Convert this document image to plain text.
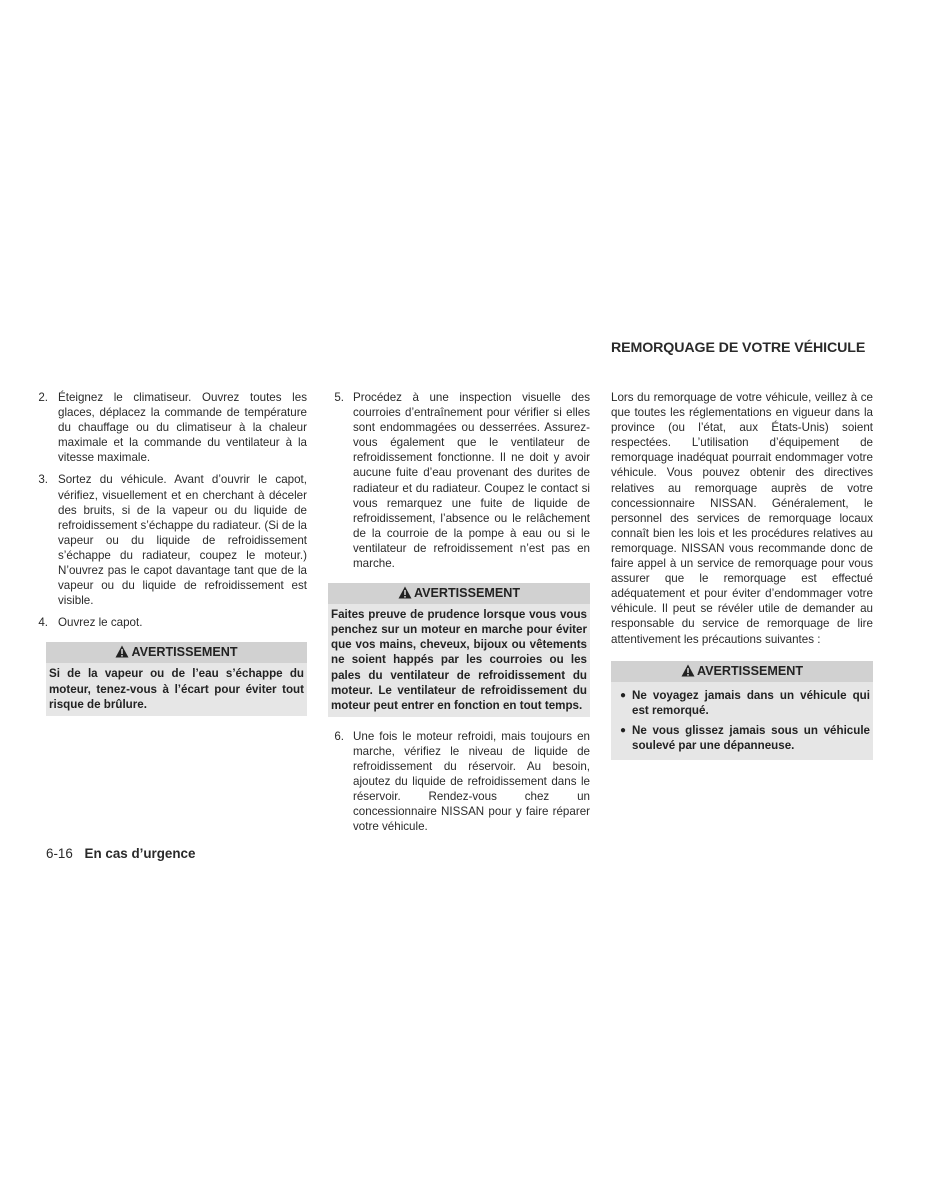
REMORQUAGE DE VOTRE VÉHICULE
2. Éteignez le climatiseur. Ouvrez toutes les glaces, déplacez la commande de température du chauffage ou du climatiseur à la chaleur maximale et la commande du ventilateur à la vitesse maximale.
3. Sortez du véhicule. Avant d’ouvrir le capot, vérifiez, visuellement et en cherchant à déceler des bruits, si de la vapeur ou du liquide de refroidissement s’échappe du radiateur. (Si de la vapeur ou du liquide de refroidissement s’échappe du radiateur, coupez le moteur.) N’ouvrez pas le capot davantage tant que de la vapeur ou du liquide de refroidissement est visible.
4. Ouvrez le capot.
AVERTISSEMENT
Si de la vapeur ou de l’eau s’échappe du moteur, tenez-vous à l’écart pour éviter tout risque de brûlure.
5. Procédez à une inspection visuelle des courroies d’entraînement pour vérifier si elles sont endommagées ou desserrées. Assurez-vous également que le ventilateur de refroidissement fonctionne. Il ne doit y avoir aucune fuite d’eau provenant des durites de radiateur et du radiateur. Coupez le contact si vous remarquez une fuite de liquide de refroidissement, l’absence ou le relâchement de la courroie de la pompe à eau ou si le ventilateur de refroidissement n’est pas en marche.
AVERTISSEMENT
Faites preuve de prudence lorsque vous vous penchez sur un moteur en marche pour éviter que vos mains, cheveux, bijoux ou vêtements ne soient happés par les courroies ou les pales du ventilateur de refroidissement du moteur. Le ventilateur de refroidissement du moteur peut entrer en fonction en tout temps.
6. Une fois le moteur refroidi, mais toujours en marche, vérifiez le niveau de liquide de refroidissement du réservoir. Au besoin, ajoutez du liquide de refroidissement dans le réservoir. Rendez-vous chez un concessionnaire NISSAN pour y faire réparer votre véhicule.

Lors du remorquage de votre véhicule, veillez à ce que toutes les réglementations en vigueur dans la province (ou l’état, aux États-Unis) soient respectées. L’utilisation d’équipement de remorquage inadéquat pourrait endommager votre véhicule. Vous pouvez obtenir des directives relatives au remorquage auprès de votre concessionnaire NISSAN. Généralement, le personnel des services de remorquage locaux connaît bien les lois et les procédures relatives au remorquage. NISSAN vous recommande donc de faire appel à un service de remorquage pour vous assurer que le remorquage est effectué adéquatement et pour éviter d’endommager votre véhicule. Il peut se révéler utile de demander au responsable du service de remorquage de lire attentivement les précautions suivantes :

AVERTISSEMENT
● Ne voyagez jamais dans un véhicule qui est remorqué.
● Ne vous glissez jamais sous un véhicule soulevé par une dépanneuse.
6-16 En cas d’urgence
